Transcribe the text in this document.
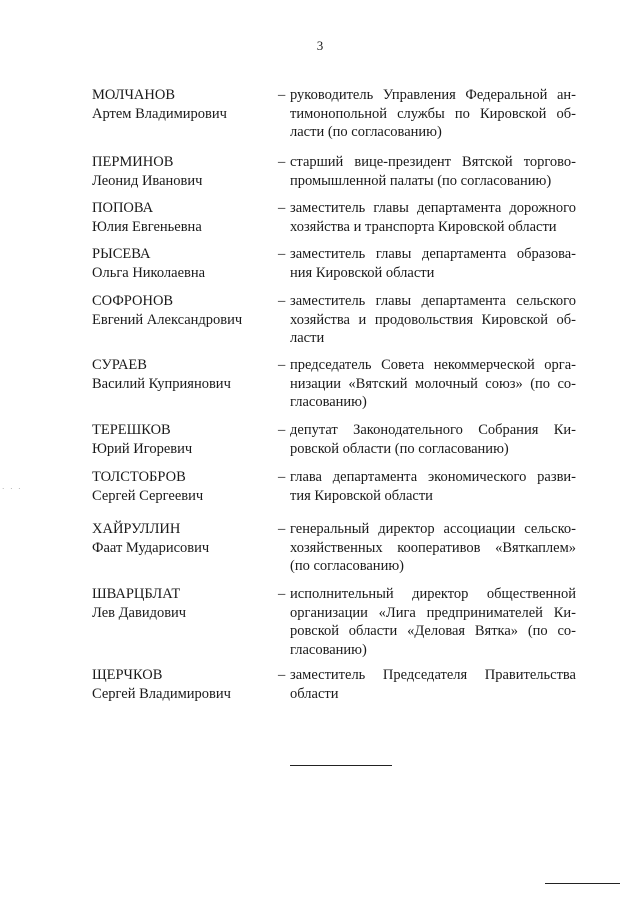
3
МОЛЧАНОВ
Артем Владимирович
– руководитель Управления Федеральной ан-
тимонопольной службы по Кировской об-
ласти (по согласованию)
ПЕРМИНОВ
Леонид Иванович
– старший вице-президент Вятской торгово-
промышленной палаты (по согласованию)
ПОПОВА
Юлия Евгеньевна
– заместитель главы департамента дорожного
хозяйства и транспорта Кировской области
РЫСЕВА
Ольга Николаевна
– заместитель главы департамента образова-
ния Кировской области
СОФРОНОВ
Евгений Александрович
– заместитель главы департамента сельского
хозяйства и продовольствия Кировской об-
ласти
СУРАЕВ
Василий Куприянович
– председатель Совета некоммерческой орга-
низации «Вятский молочный союз» (по со-
гласованию)
ТЕРЕШКОВ
Юрий Игоревич
– депутат Законодательного Собрания Ки-
ровской области (по согласованию)
ТОЛСТОБРОВ
Сергей Сергеевич
– глава департамента экономического разви-
тия Кировской области
ХАЙРУЛЛИН
Фаат Мударисович
– генеральный директор ассоциации сельско-
хозяйственных кооперативов «Вяткаплем»
(по согласованию)
ШВАРЦБЛАТ
Лев Давидович
– исполнительный директор общественной
организации «Лига предпринимателей Ки-
ровской области «Деловая Вятка» (по со-
гласованию)
ЩЕРЧКОВ
Сергей Владимирович
– заместитель Председателя Правительства
области
· · ·
